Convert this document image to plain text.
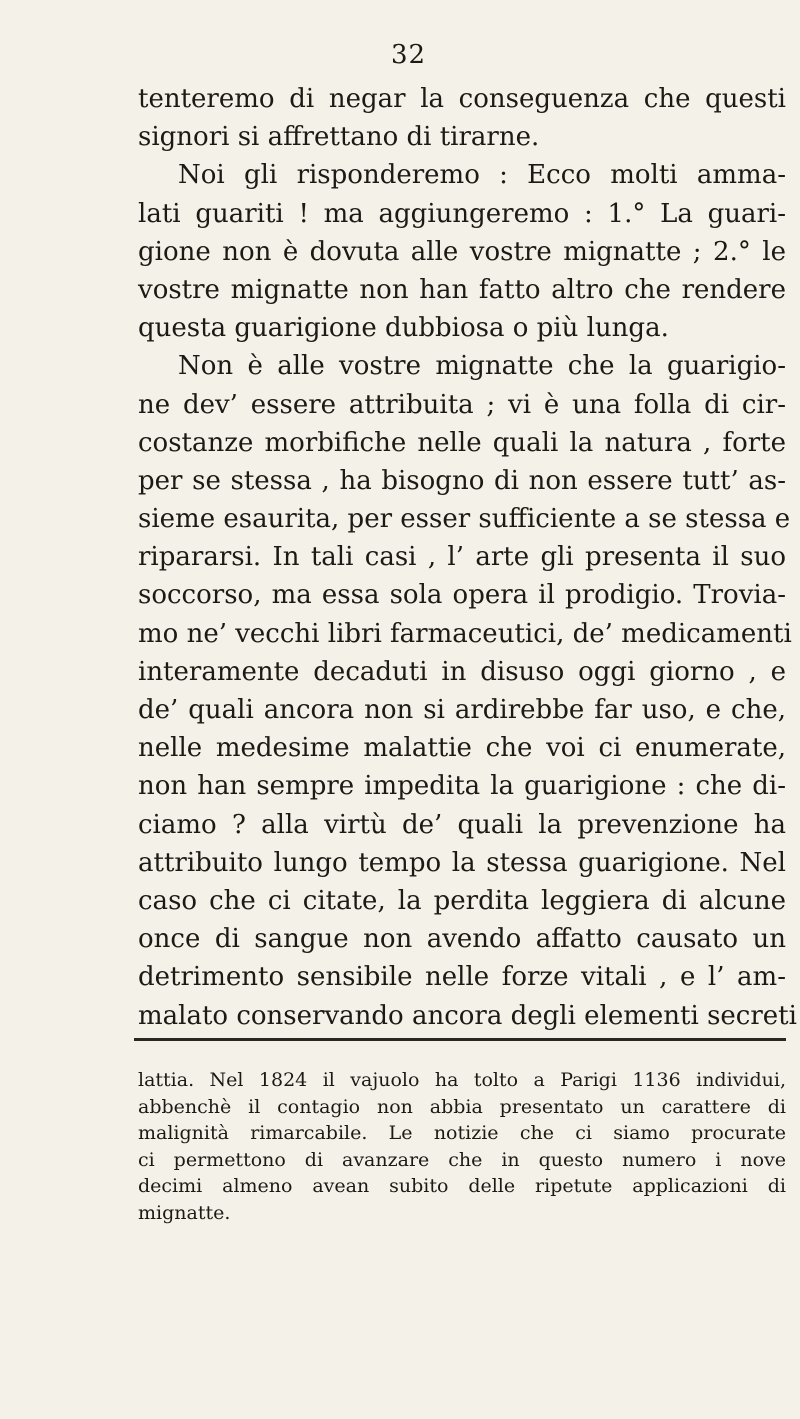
32
tenteremo di negar la conseguenza che questi
signori si affrettano di tirarne.
Noi gli risponderemo : Ecco molti amma-
lati guariti ! ma aggiungeremo : 1.° La guari-
gione non è dovuta alle vostre mignatte ; 2.° le
vostre mignatte non han fatto altro che rendere
questa guarigione dubbiosa o più lunga.
Non è alle vostre mignatte che la guarigio-
ne dev’ essere attribuita ; vi è una folla di cir-
costanze morbifiche nelle quali la natura , forte
per se stessa , ha bisogno di non essere tutt’ as-
sieme esaurita, per esser sufficiente a se stessa e
ripararsi. In tali casi , l’ arte gli presenta il suo
soccorso, ma essa sola opera il prodigio. Trovia-
mo ne’ vecchi libri farmaceutici, de’ medicamenti
interamente decaduti in disuso oggi giorno , e
de’ quali ancora non si ardirebbe far uso, e che,
nelle medesime malattie che voi ci enumerate,
non han sempre impedita la guarigione : che di-
ciamo ? alla virtù de’ quali la prevenzione ha
attribuito lungo tempo la stessa guarigione. Nel
caso che ci citate, la perdita leggiera di alcune
once di sangue non avendo affatto causato un
detrimento sensibile nelle forze vitali , e l’ am-
malato conservando ancora degli elementi secreti
lattia. Nel 1824 il vajuolo ha tolto a Parigi 1136 individui,
abbenchè il contagio non abbia presentato un carattere di
malignità rimarcabile. Le notizie che ci siamo procurate
ci permettono di avanzare che in questo numero i nove
decimi almeno avean subito delle ripetute applicazioni di
mignatte.
